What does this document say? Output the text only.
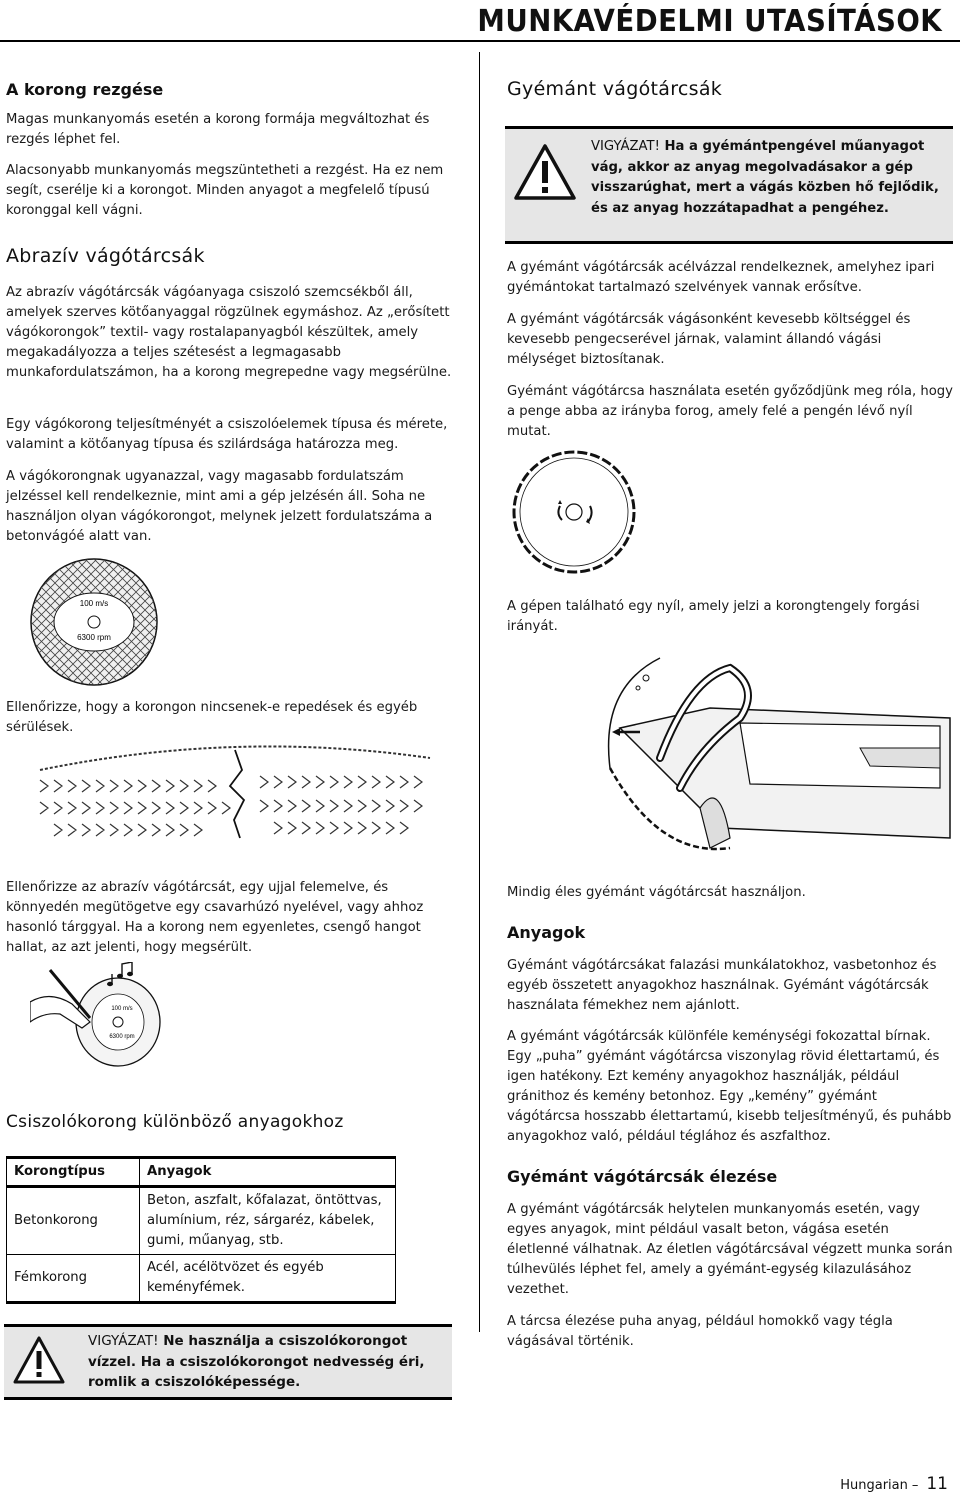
MUNKAVÉDELMI UTASÍTÁSOK
A korong rezgése
Magas munkanyomás esetén a korong formája megváltozhat és rezgés léphet fel.
Alacsonyabb munkanyomás megszüntetheti a rezgést. Ha ez nem segít, cserélje ki a korongot. Minden anyagot a megfelelő típusú koronggal kell vágni.
Abrazív vágótárcsák
Az abrazív vágótárcsák vágóanyaga csiszoló szemcsékből áll, amelyek szerves kötőanyaggal rögzülnek egymáshoz. Az „erősített vágókorongok” textil- vagy rostalapanyagból készültek, amely megakadályozza a teljes szétesést a legmagasabb munkafordulatszámon, ha a korong megrepedne vagy megsérülne.
Egy vágókorong teljesítményét a csiszolóelemek típusa és mérete, valamint a kötőanyag típusa és szilárdsága határozza meg.
A vágókorongnak ugyanazzal, vagy magasabb fordulatszám jelzéssel kell rendelkeznie, mint ami a gép jelzésén áll. Soha ne használjon olyan vágókorongot, melynek jelzett fordulatszáma a betonvágóé alatt van.
100 m/s
6300 rpm
Ellenőrizze, hogy a korongon nincsenek-e repedések és egyéb sérülések.
Ellenőrizze az abrazív vágótárcsát, egy ujjal felemelve, és könnyedén megütögetve egy csavarhúzó nyelével, vagy ahhoz hasonló tárggyal. Ha a korong nem egyenletes, csengő hangot hallat, az azt jelenti, hogy megsérült.
100 m/s
6300 rpm
Csiszolókorong különböző anyagokhoz
Korongtípus	Anyagok
Betonkorong	Beton, aszfalt, kőfalazat, öntöttvas, alumínium, réz, sárgaréz, kábelek, gumi, műanyag, stb.
Fémkorong	Acél, acélötvözet és egyéb keményfémek.
VIGYÁZAT! Ne használja a csiszolókorongot vízzel. Ha a csiszolókorongot nedvesség éri, romlik a csiszolóképessége.
Gyémánt vágótárcsák
VIGYÁZAT! Ha a gyémántpengével műanyagot vág, akkor az anyag megolvadásakor a gép visszarúghat, mert a vágás közben hő fejlődik, és az anyag hozzátapadhat a pengéhez.
A gyémánt vágótárcsák acélvázzal rendelkeznek, amelyhez ipari gyémántokat tartalmazó szelvények vannak erősítve.
A gyémánt vágótárcsák vágásonként kevesebb költséggel és kevesebb pengecserével járnak, valamint állandó vágási mélységet biztosítanak.
Gyémánt vágótárcsa használata esetén győződjünk meg róla, hogy a penge abba az irányba forog, amely felé a pengén lévő nyíl mutat.
A gépen található egy nyíl, amely jelzi a korongtengely forgási irányát.
Mindig éles gyémánt vágótárcsát használjon.
Anyagok
Gyémánt vágótárcsákat falazási munkálatokhoz, vasbetonhoz és egyéb összetett anyagokhoz használnak. Gyémánt vágótárcsák használata fémekhez nem ajánlott.
A gyémánt vágótárcsák különféle keménységi fokozattal bírnak. Egy „puha” gyémánt vágótárcsa viszonylag rövid élettartamú, és igen hatékony. Ezt kemény anyagokhoz használják, például gránithoz és kemény betonhoz. Egy „kemény” gyémánt vágótárcsa hosszabb élettartamú, kisebb teljesítményű, és puhább anyagokhoz való, például téglához és aszfalthoz.
Gyémánt vágótárcsák élezése
A gyémánt vágótárcsák helytelen munkanyomás esetén, vagy egyes anyagok, mint például vasalt beton, vágása esetén életlenné válhatnak. Az életlen vágótárcsával végzett munka során túlhevülés léphet fel, amely a gyémánt-egység kilazulásához vezethet.
A tárcsa élezése puha anyag, például homokkő vagy tégla vágásával történik.
Hungarian – 11
